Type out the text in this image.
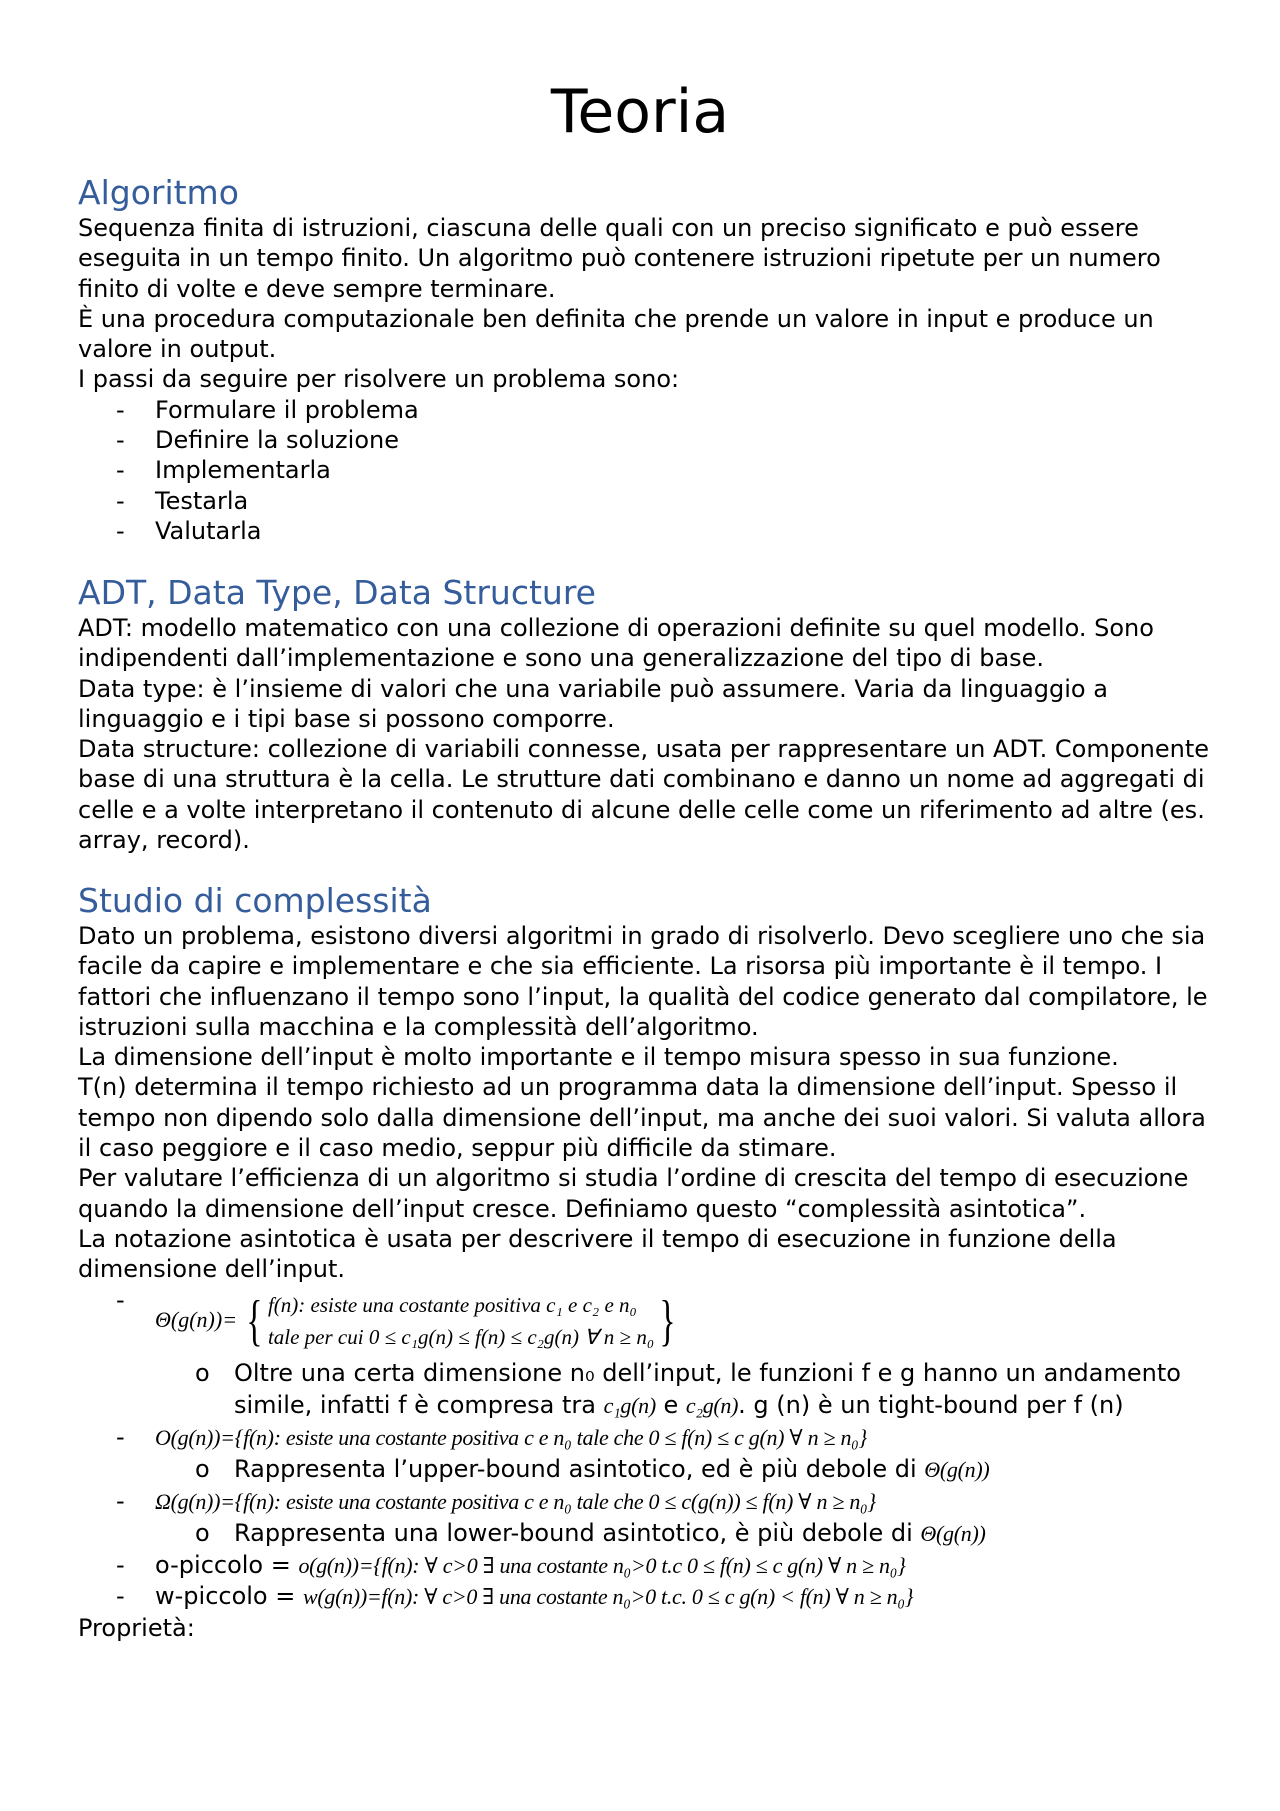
Teoria
Algoritmo

Sequenza finita di istruzioni, ciascuna delle quali con un preciso significato e può essere eseguita in un tempo finito. Un algoritmo può contenere istruzioni ripetute per un numero finito di volte e deve sempre terminare.

È una procedura computazionale ben definita che prende un valore in input e produce un valore in output.

I passi da seguire per risolvere un problema sono:

- Formulare il problema
- Definire la soluzione
- Implementarla
- Testarla
- Valutarla
ADT, Data Type, Data Structure

ADT: modello matematico con una collezione di operazioni definite su quel modello. Sono indipendenti dall’implementazione e sono una generalizzazione del tipo di base.

Data type: è l’insieme di valori che una variabile può assumere. Varia da linguaggio a linguaggio e i tipi base si possono comporre.

Data structure: collezione di variabili connesse, usata per rappresentare un ADT. Componente base di una struttura è la cella. Le strutture dati combinano e danno un nome ad aggregati di celle e a volte interpretano il contenuto di alcune delle celle come un riferimento ad altre (es. array, record).

Studio di complessità

Dato un problema, esistono diversi algoritmi in grado di risolverlo. Devo scegliere uno che sia facile da capire e implementare e che sia efficiente. La risorsa più importante è il tempo. I fattori che influenzano il tempo sono l’input, la qualità del codice generato dal compilatore, le istruzioni sulla macchina e la complessità dell’algoritmo.

La dimensione dell’input è molto importante e il tempo misura spesso in sua funzione.

T(n) determina il tempo richiesto ad un programma data la dimensione dell’input. Spesso il tempo non dipendo solo dalla dimensione dell’input, ma anche dei suoi valori. Si valuta allora il caso peggiore e il caso medio, seppur più difficile da stimare.

Per valutare l’efficienza di un algoritmo si studia l’ordine di crescita del tempo di esecuzione quando la dimensione dell’input cresce. Definiamo questo “complessità asintotica”.

La notazione asintotica è usata per descrivere il tempo di esecuzione in funzione della dimensione dell’input.

- Θ(g(n))= { f(n): esiste una costante positiva c₁ e c₂ e n₀
tale per cui 0 ≤ c₁g(n) ≤ f(n) ≤ c₂g(n) ∀ n ≥ n₀ }
o Oltre una certa dimensione n₀ dell’input, le funzioni f e g hanno un andamento simile, infatti f è compresa tra c₁g(n) e c₂g(n). g (n) è un tight-bound per f (n)
- O(g(n))={f(n): esiste una costante positiva c e n₀ tale che 0 ≤ f(n) ≤ c g(n) ∀ n ≥ n₀}
o Rappresenta l’upper-bound asintotico, ed è più debole di Θ(g(n))
- Ω(g(n))={f(n): esiste una costante positiva c e n₀ tale che 0 ≤ c(g(n)) ≤ f(n) ∀ n ≥ n₀}
o Rappresenta una lower-bound asintotico, è più debole di Θ(g(n))
- o-piccolo = o(g(n))={f(n): ∀ c>0 ∃ una costante n₀>0 t.c 0 ≤ f(n) ≤ c g(n) ∀ n ≥ n₀}
- w-piccolo = w(g(n))=f(n): ∀ c>0 ∃ una costante n₀>0 t.c. 0 ≤ c g(n) < f(n) ∀ n ≥ n₀}

Proprietà:
